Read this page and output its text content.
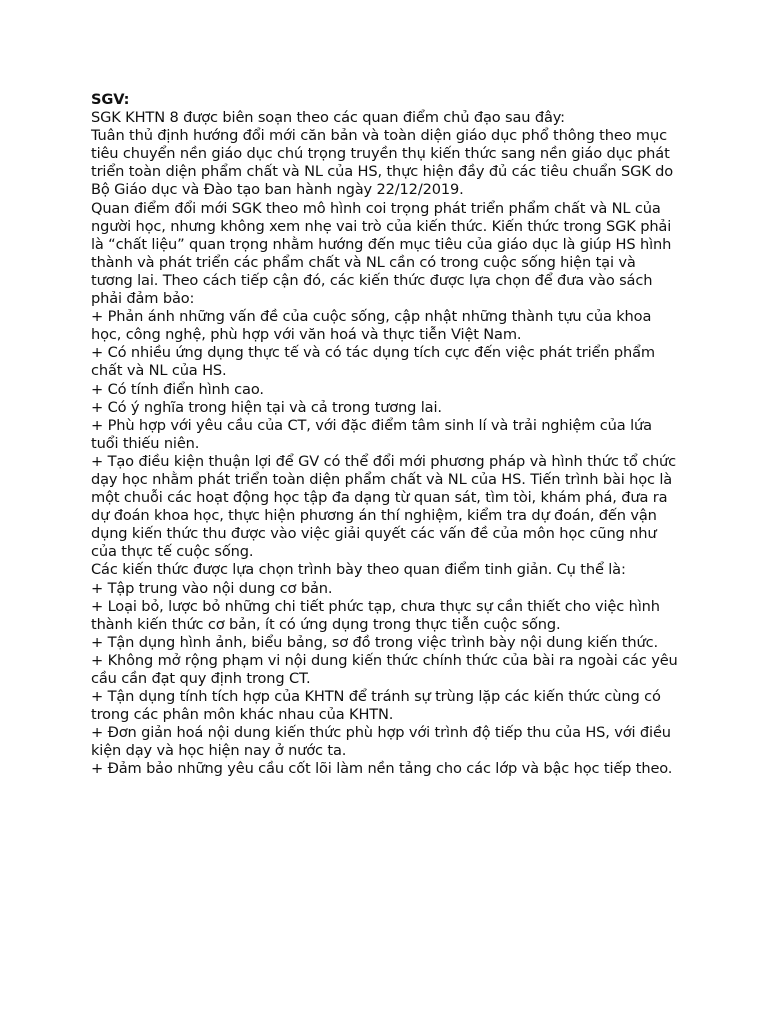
SGV:

SGK KHTN 8 được biên soạn theo các quan điểm chủ đạo sau đây:

Tuân thủ định hướng đổi mới căn bản và toàn diện giáo dục phổ thông theo mục tiêu chuyển nền giáo dục chú trọng truyền thụ kiến thức sang nền giáo dục phát triển toàn diện phẩm chất và NL của HS, thực hiện đầy đủ các tiêu chuẩn SGK do Bộ Giáo dục và Đào tạo ban hành ngày 22/12/2019.

Quan điểm đổi mới SGK theo mô hình coi trọng phát triển phẩm chất và NL của người học, nhưng không xem nhẹ vai trò của kiến thức. Kiến thức trong SGK phải là “chất liệu” quan trọng nhằm hướng đến mục tiêu của giáo dục là giúp HS hình thành và phát triển các phẩm chất và NL cần có trong cuộc sống hiện tại và tương lai. Theo cách tiếp cận đó, các kiến thức được lựa chọn để đưa vào sách phải đảm bảo:

+ Phản ánh những vấn đề của cuộc sống, cập nhật những thành tựu của khoa học, công nghệ, phù hợp với văn hoá và thực tiễn Việt Nam.

+ Có nhiều ứng dụng thực tế và có tác dụng tích cực đến việc phát triển phẩm chất và NL của HS.

+ Có tính điển hình cao.

+ Có ý nghĩa trong hiện tại và cả trong tương lai.

+ Phù hợp với yêu cầu của CT, với đặc điểm tâm sinh lí và trải nghiệm của lứa tuổi thiếu niên.

+ Tạo điều kiện thuận lợi để GV có thể đổi mới phương pháp và hình thức tổ chức dạy học nhằm phát triển toàn diện phẩm chất và NL của HS. Tiến trình bài học là một chuỗi các hoạt động học tập đa dạng từ quan sát, tìm tòi, khám phá, đưa ra dự đoán khoa học, thực hiện phương án thí nghiệm, kiểm tra dự đoán, đến vận dụng kiến thức thu được vào việc giải quyết các vấn đề của môn học cũng như của thực tế cuộc sống.

Các kiến thức được lựa chọn trình bày theo quan điểm tinh giản. Cụ thể là:

+ Tập trung vào nội dung cơ bản.

+ Loại bỏ, lược bỏ những chi tiết phức tạp, chưa thực sự cần thiết cho việc hình thành kiến thức cơ bản, ít có ứng dụng trong thực tiễn cuộc sống.

+ Tận dụng hình ảnh, biểu bảng, sơ đồ trong việc trình bày nội dung kiến thức.

+ Không mở rộng phạm vi nội dung kiến thức chính thức của bài ra ngoài các yêu cầu cần đạt quy định trong CT.

+ Tận dụng tính tích hợp của KHTN để tránh sự trùng lặp các kiến thức cùng có trong các phân môn khác nhau của KHTN.

+ Đơn giản hoá nội dung kiến thức phù hợp với trình độ tiếp thu của HS, với điều kiện dạy và học hiện nay ở nước ta.

+ Đảm bảo những yêu cầu cốt lõi làm nền tảng cho các lớp và bậc học tiếp theo.
